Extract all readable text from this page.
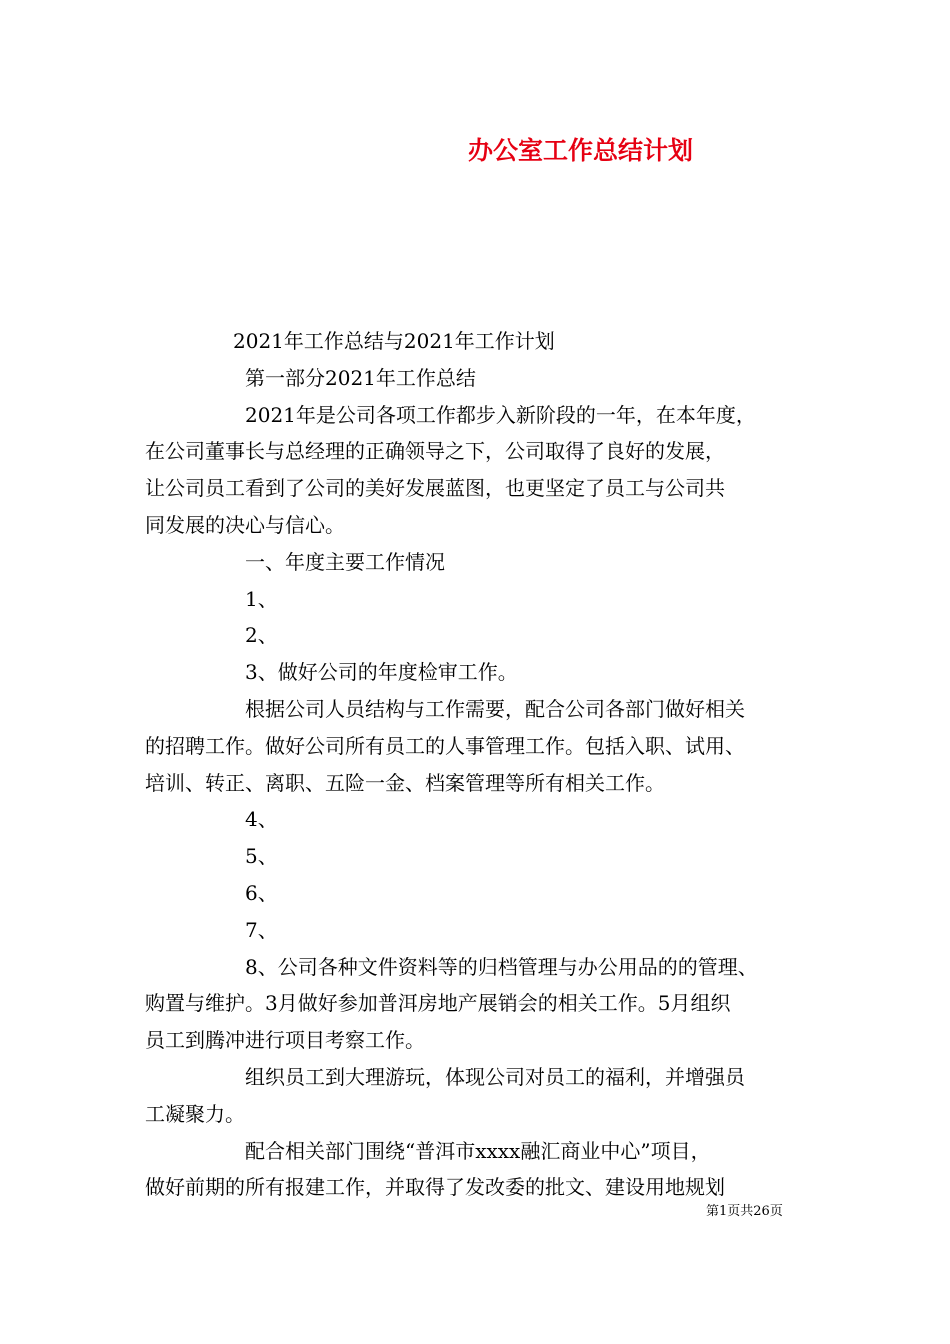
办公室工作总结计划

2021年工作总结与2021年工作计划

第一部分2021年工作总结

2021年是公司各项工作都步入新阶段的一年，在本年度，

在公司董事长与总经理的正确领导之下，公司取得了良好的发展，

让公司员工看到了公司的美好发展蓝图，也更坚定了员工与公司共

同发展的决心与信心。

一、年度主要工作情况

1、

2、

3、做好公司的年度检审工作。

根据公司人员结构与工作需要，配合公司各部门做好相关

的招聘工作。做好公司所有员工的人事管理工作。包括入职、试用、

培训、转正、离职、五险一金、档案管理等所有相关工作。

4、

5、

6、

7、

8、公司各种文件资料等的归档管理与办公用品的的管理、

购置与维护。3月做好参加普洱房地产展销会的相关工作。5月组织

员工到腾冲进行项目考察工作。

组织员工到大理游玩，体现公司对员工的福利，并增强员

工凝聚力。

配合相关部门围绕“普洱市xxxx融汇商业中心”项目，

做好前期的所有报建工作，并取得了发改委的批文、建设用地规划

第1页共26页
